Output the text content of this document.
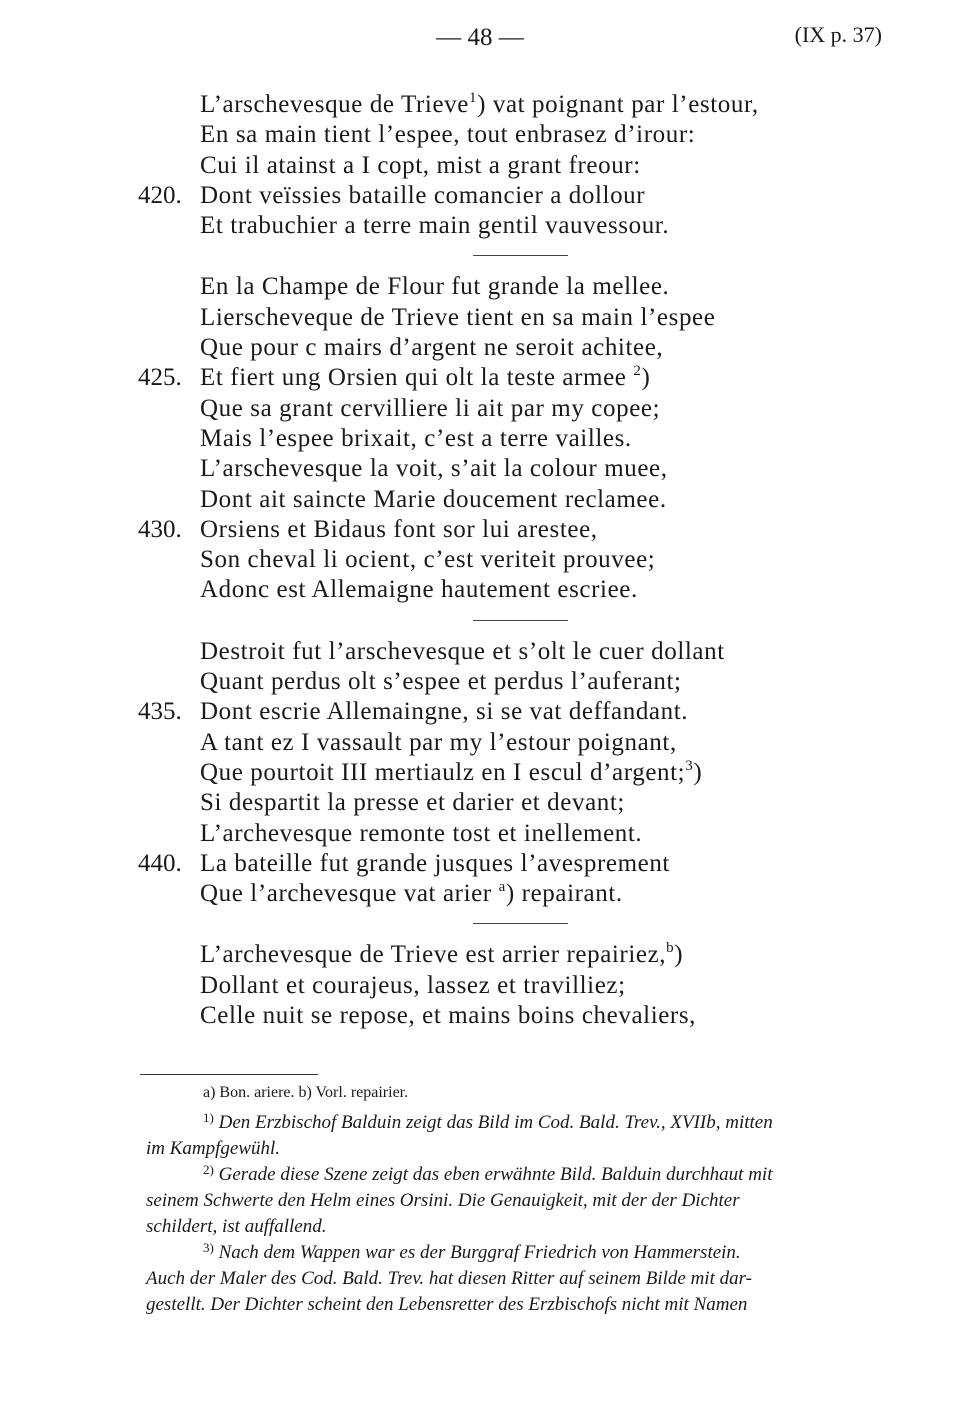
— 48 —	(IX p. 37)
L’arschevesque de Trieve$^1$) vat poignant par l’estour,
En sa main tient l’espee, tout enbrasez d’irour:
Cui il atainst a I copt, mist a grant freour:
420. Dont veïssies bataille comancier a dollour
Et trabuchier a terre main gentil vauvessour.
En la Champe de Flour fut grande la mellee.
Lierscheveque de Trieve tient en sa main l’espee
Que pour c mairs d’argent ne seroit achitee,
425. Et fiert ung Orsien qui olt la teste armee $^2$)
Que sa grant cervilliere li ait par my copee;
Mais l’espee brixait, c’est a terre vailles.
L’arschevesque la voit, s’ait la colour muee,
Dont ait saincte Marie doucement reclamee.
430. Orsiens et Bidaus font sor lui arestee,
Son cheval li ocient, c’est veriteit prouvee;
Adonc est Allemaigne hautement escriee.
Destroit fut l’arschevesque et s’olt le cuer dollant
Quant perdus olt s’espee et perdus l’auferant;
435. Dont escrie Allemaingne, si se vat deffandant.
A tant ez I vassault par my l’estour poignant,
Que pourtoit III mertiaulz en I escul d’argent;$^3$)
Si despartit la presse et darier et devant;
L’archevesque remonte tost et inellement.
440. La bateille fut grande jusques l’avesprement
Que l’archevesque vat arier $^a$) repairant.
L’archevesque de Trieve est arrier repairiez,$^b$)
Dollant et courajeus, lassez et travilliez;
Celle nuit se repose, et mains boins chevaliers,
a) Bon. ariere. b) Vorl. repairier.
$^{1)}$ Den Erzbischof Balduin zeigt das Bild im Cod. Bald. Trev., XVIIb, mitten
im Kampfgewühl.
$^{2)}$ Gerade diese Szene zeigt das eben erwähnte Bild. Balduin durchhaut mit
seinem Schwerte den Helm eines Orsini. Die Genauigkeit, mit der der Dichter
schildert, ist auffallend.
$^{3)}$ Nach dem Wappen war es der Burggraf Friedrich von Hammerstein.
Auch der Maler des Cod. Bald. Trev. hat diesen Ritter auf seinem Bilde mit dar-
gestellt. Der Dichter scheint den Lebensretter des Erzbischofs nicht mit Namen
